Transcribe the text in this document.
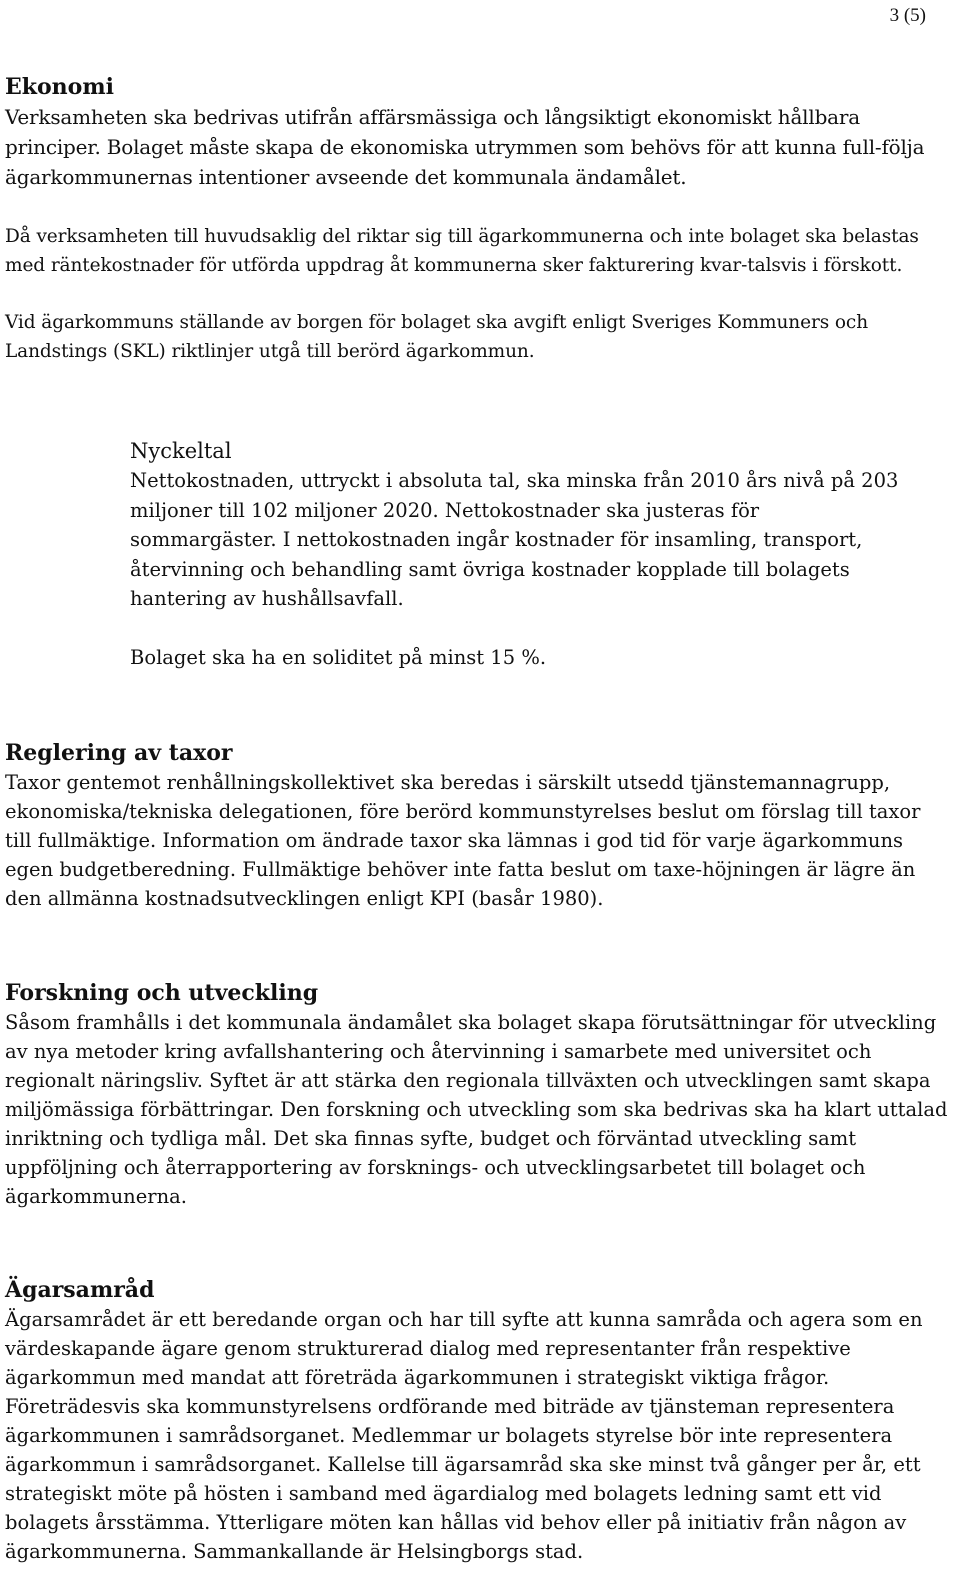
3 (5)
Ekonomi

Verksamheten ska bedrivas utifrån affärsmässiga och långsiktigt ekonomiskt hållbara principer. Bolaget måste skapa de ekonomiska utrymmen som behövs för att kunna full-följa ägarkommunernas intentioner avseende det kommunala ändamålet.

Då verksamheten till huvudsaklig del riktar sig till ägarkommunerna och inte bolaget ska belastas med räntekostnader för utförda uppdrag åt kommunerna sker fakturering kvar-talsvis i förskott.

Vid ägarkommuns ställande av borgen för bolaget ska avgift enligt Sveriges Kommuners och Landstings (SKL) riktlinjer utgå till berörd ägarkommun.

Nyckeltal

Nettokostnaden, uttryckt i absoluta tal, ska minska från 2010 års nivå på 203 miljoner till 102 miljoner 2020. Nettokostnader ska justeras för sommargäster. I nettokostnaden ingår kostnader för insamling, transport, återvinning och behandling samt övriga kostnader kopplade till bolagets hantering av hushållsavfall.

Bolaget ska ha en soliditet på minst 15 %.

Reglering av taxor

Taxor gentemot renhållningskollektivet ska beredas i särskilt utsedd tjänstemannagrupp, ekonomiska/tekniska delegationen, före berörd kommunstyrelses beslut om förslag till taxor till fullmäktige. Information om ändrade taxor ska lämnas i god tid för varje ägarkommuns egen budgetberedning. Fullmäktige behöver inte fatta beslut om taxe-höjningen är lägre än den allmänna kostnadsutvecklingen enligt KPI (basår 1980).

Forskning och utveckling

Såsom framhålls i det kommunala ändamålet ska bolaget skapa förutsättningar för utveckling av nya metoder kring avfallshantering och återvinning i samarbete med universitet och regionalt näringsliv. Syftet är att stärka den regionala tillväxten och utvecklingen samt skapa miljömässiga förbättringar. Den forskning och utveckling som ska bedrivas ska ha klart uttalad inriktning och tydliga mål. Det ska finnas syfte, budget och förväntad utveckling samt uppföljning och återrapportering av forsknings- och utvecklingsarbetet till bolaget och ägarkommunerna.

Ägarsamråd

Ägarsamrådet är ett beredande organ och har till syfte att kunna samråda och agera som en värdeskapande ägare genom strukturerad dialog med representanter från respektive ägarkommun med mandat att företräda ägarkommunen i strategiskt viktiga frågor. Företrädesvis ska kommunstyrelsens ordförande med biträde av tjänsteman representera ägarkommunen i samrådsorganet. Medlemmar ur bolagets styrelse bör inte representera ägarkommun i samrådsorganet. Kallelse till ägarsamråd ska ske minst två gånger per år, ett strategiskt möte på hösten i samband med ägardialog med bolagets ledning samt ett vid bolagets årsstämma. Ytterligare möten kan hållas vid behov eller på initiativ från någon av ägarkommunerna. Sammankallande är Helsingborgs stad.
